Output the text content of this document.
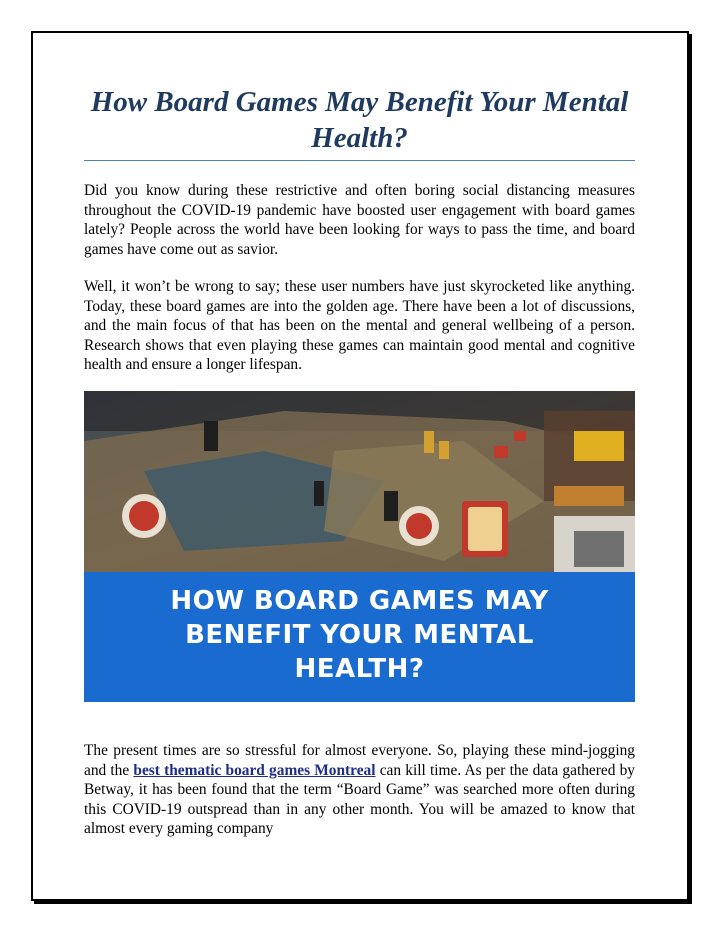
How Board Games May Benefit Your Mental Health?

Did you know during these restrictive and often boring social distancing measures throughout the COVID-19 pandemic have boosted user engagement with board games lately? People across the world have been looking for ways to pass the time, and board games have come out as savior.

Well, it won’t be wrong to say; these user numbers have just skyrocketed like anything. Today, these board games are into the golden age. There have been a lot of discussions, and the main focus of that has been on the mental and general wellbeing of a person. Research shows that even playing these games can maintain good mental and cognitive health and ensure a longer lifespan.

HOW BOARD GAMES MAY
BENEFIT YOUR MENTAL
HEALTH?

The present times are so stressful for almost everyone. So, playing these mind-jogging and the best thematic board games Montreal can kill time. As per the data gathered by Betway, it has been found that the term “Board Game” was searched more often during this COVID-19 outspread than in any other month. You will be amazed to know that almost every gaming company
